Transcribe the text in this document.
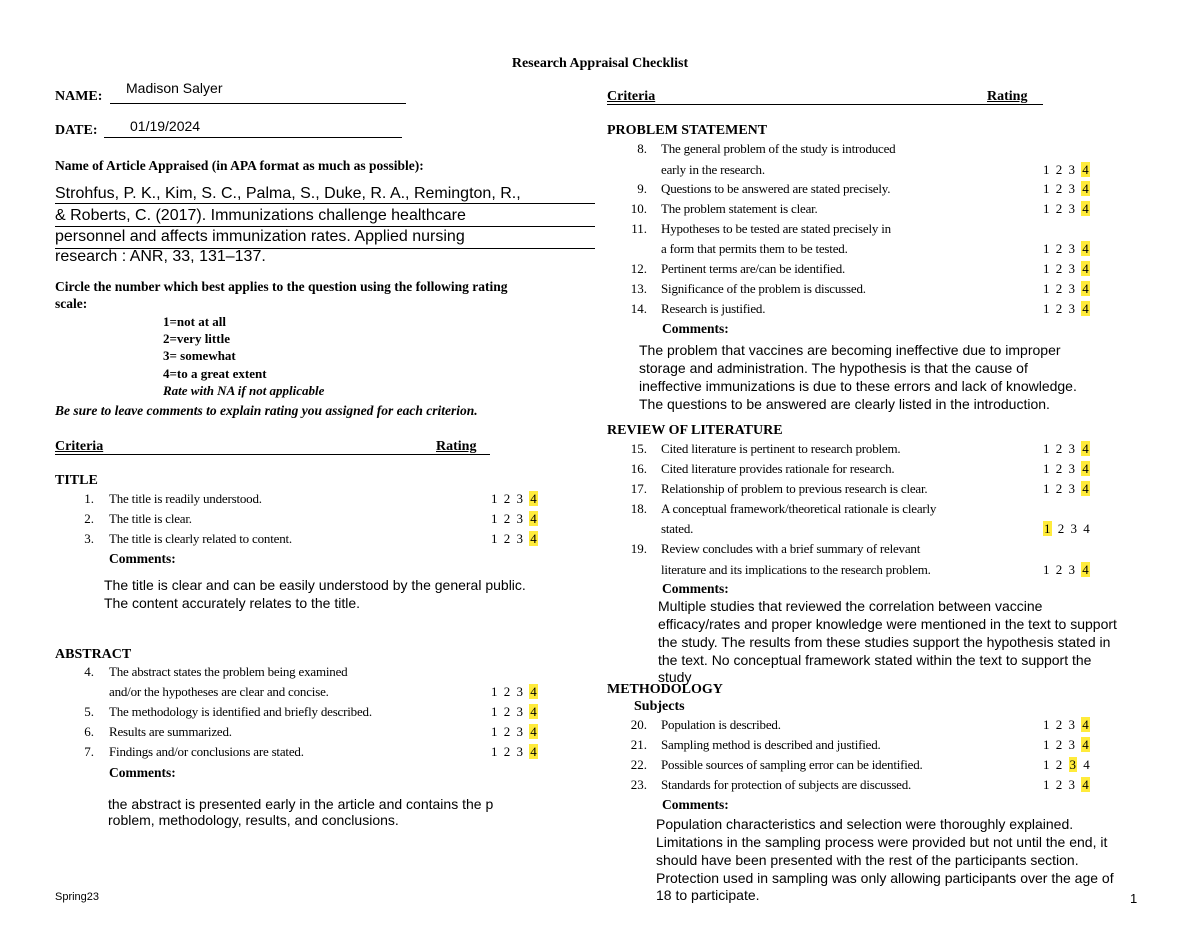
Research Appraisal Checklist
NAME:
Madison Salyer
DATE: 01/19/2024
Name of Article Appraised (in APA format as much as possible):
Strohfus, P. K., Kim, S. C., Palma, S., Duke, R. A., Remington, R.,
& Roberts, C. (2017). Immunizations challenge healthcare
personnel and affects immunization rates. Applied nursing
research : ANR, 33, 131–137.
Circle the number which best applies to the question using the following rating
scale:
1=not at all
2=very little
3= somewhat
4=to a great extent
Rate with NA if not applicable
Be sure to leave comments to explain rating you assigned for each criterion.
Criteria	Rating
TITLE
1. The title is readily understood.	1 2 3 4
2. The title is clear.	1 2 3 4
3. The title is clearly related to content.	1 2 3 4
Comments:
The title is clear and can be easily understood by the general public.
The content accurately relates to the title.
ABSTRACT
4. The abstract states the problem being examined
and/or the hypotheses are clear and concise.	1 2 3 4
5. The methodology is identified and briefly described.	1 2 3 4
6. Results are summarized.	1 2 3 4
7. Findings and/or conclusions are stated.	1 2 3 4
Comments:
the abstract is presented early in the article and contains the p
roblem, methodology, results, and conclusions.
Spring23
Criteria	Rating
PROBLEM STATEMENT
8. The general problem of the study is introduced
early in the research.	1 2 3 4
9. Questions to be answered are stated precisely.	1 2 3 4
10. The problem statement is clear.	1 2 3 4
11. Hypotheses to be tested are stated precisely in
a form that permits them to be tested.	1 2 3 4
12. Pertinent terms are/can be identified.	1 2 3 4
13. Significance of the problem is discussed.	1 2 3 4
14. Research is justified.	1 2 3 4
Comments:
The problem that vaccines are becoming ineffective due to improper
storage and administration. The hypothesis is that the cause of
ineffective immunizations is due to these errors and lack of knowledge.
The questions to be answered are clearly listed in the introduction.
REVIEW OF LITERATURE
15. Cited literature is pertinent to research problem.	1 2 3 4
16. Cited literature provides rationale for research.	1 2 3 4
17. Relationship of problem to previous research is clear.	1 2 3 4
18. A conceptual framework/theoretical rationale is clearly
stated.	1 2 3 4
19. Review concludes with a brief summary of relevant
literature and its implications to the research problem.	1 2 3 4
Comments:
Multiple studies that reviewed the correlation between vaccine
efficacy/rates and proper knowledge were mentioned in the text to support
the study. The results from these studies support the hypothesis stated in
the text. No conceptual framework stated within the text to support the
study
METHODOLOGY
Subjects
20. Population is described.	1 2 3 4
21. Sampling method is described and justified.	1 2 3 4
22. Possible sources of sampling error can be identified.	1 2 3 4
23. Standards for protection of subjects are discussed.	1 2 3 4
Comments:
Population characteristics and selection were thoroughly explained.
Limitations in the sampling process were provided but not until the end, it
should have been presented with the rest of the participants section.
Protection used in sampling was only allowing participants over the age of
18 to participate.	1
